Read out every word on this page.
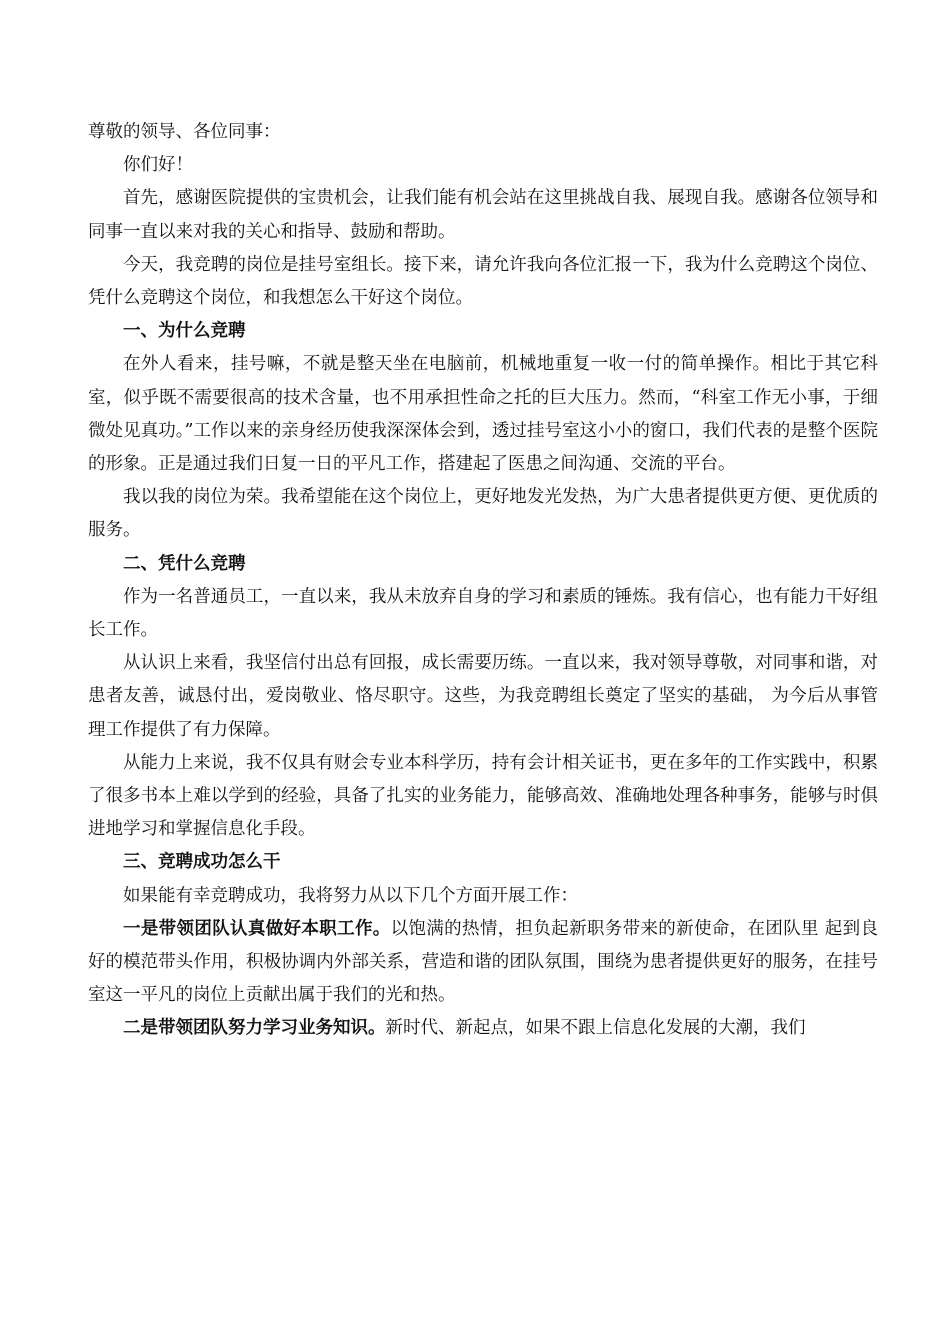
尊敬的领导、各位同事：

你们好！

首先，感谢医院提供的宝贵机会，让我们能有机会站在这里挑战自我、展现自我。感谢各位领导和同事一直以来对我的关心和指导、鼓励和帮助。

今天，我竞聘的岗位是挂号室组长。接下来，请允许我向各位汇报一下，我为什么竞聘这个岗位、凭什么竞聘这个岗位，和我想怎么干好这个岗位。

一、为什么竞聘

在外人看来，挂号嘛，不就是整天坐在电脑前，机械地重复一收一付的简单操作。相比于其它科室，似乎既不需要很高的技术含量，也不用承担性命之托的巨大压力。然而，“科室工作无小事，于细微处见真功。”工作以来的亲身经历使我深深体会到，透过挂号室这小小的窗口，我们代表的是整个医院的形象。正是通过我们日复一日的平凡工作，搭建起了医患之间沟通、交流的平台。

我以我的岗位为荣。我希望能在这个岗位上，更好地发光发热，为广大患者提供更方便、更优质的服务。

二、凭什么竞聘

作为一名普通员工，一直以来，我从未放弃自身的学习和素质的锤炼。我有信心，也有能力干好组长工作。

从认识上来看，我坚信付出总有回报，成长需要历练。一直以来，我对领导尊敬，对同事和谐，对患者友善，诚恳付出，爱岗敬业、恪尽职守。这些，为我竞聘组长奠定了坚实的基础， 为今后从事管理工作提供了有力保障。

从能力上来说，我不仅具有财会专业本科学历，持有会计相关证书，更在多年的工作实践中，积累了很多书本上难以学到的经验，具备了扎实的业务能力，能够高效、准确地处理各种事务，能够与时俱进地学习和掌握信息化手段。

三、竞聘成功怎么干

如果能有幸竞聘成功，我将努力从以下几个方面开展工作：

一是带领团队认真做好本职工作。以饱满的热情，担负起新职务带来的新使命，在团队里 起到良好的模范带头作用，积极协调内外部关系，营造和谐的团队氛围，围绕为患者提供更好的服务，在挂号室这一平凡的岗位上贡献出属于我们的光和热。

二是带领团队努力学习业务知识。新时代、新起点，如果不跟上信息化发展的大潮，我们
